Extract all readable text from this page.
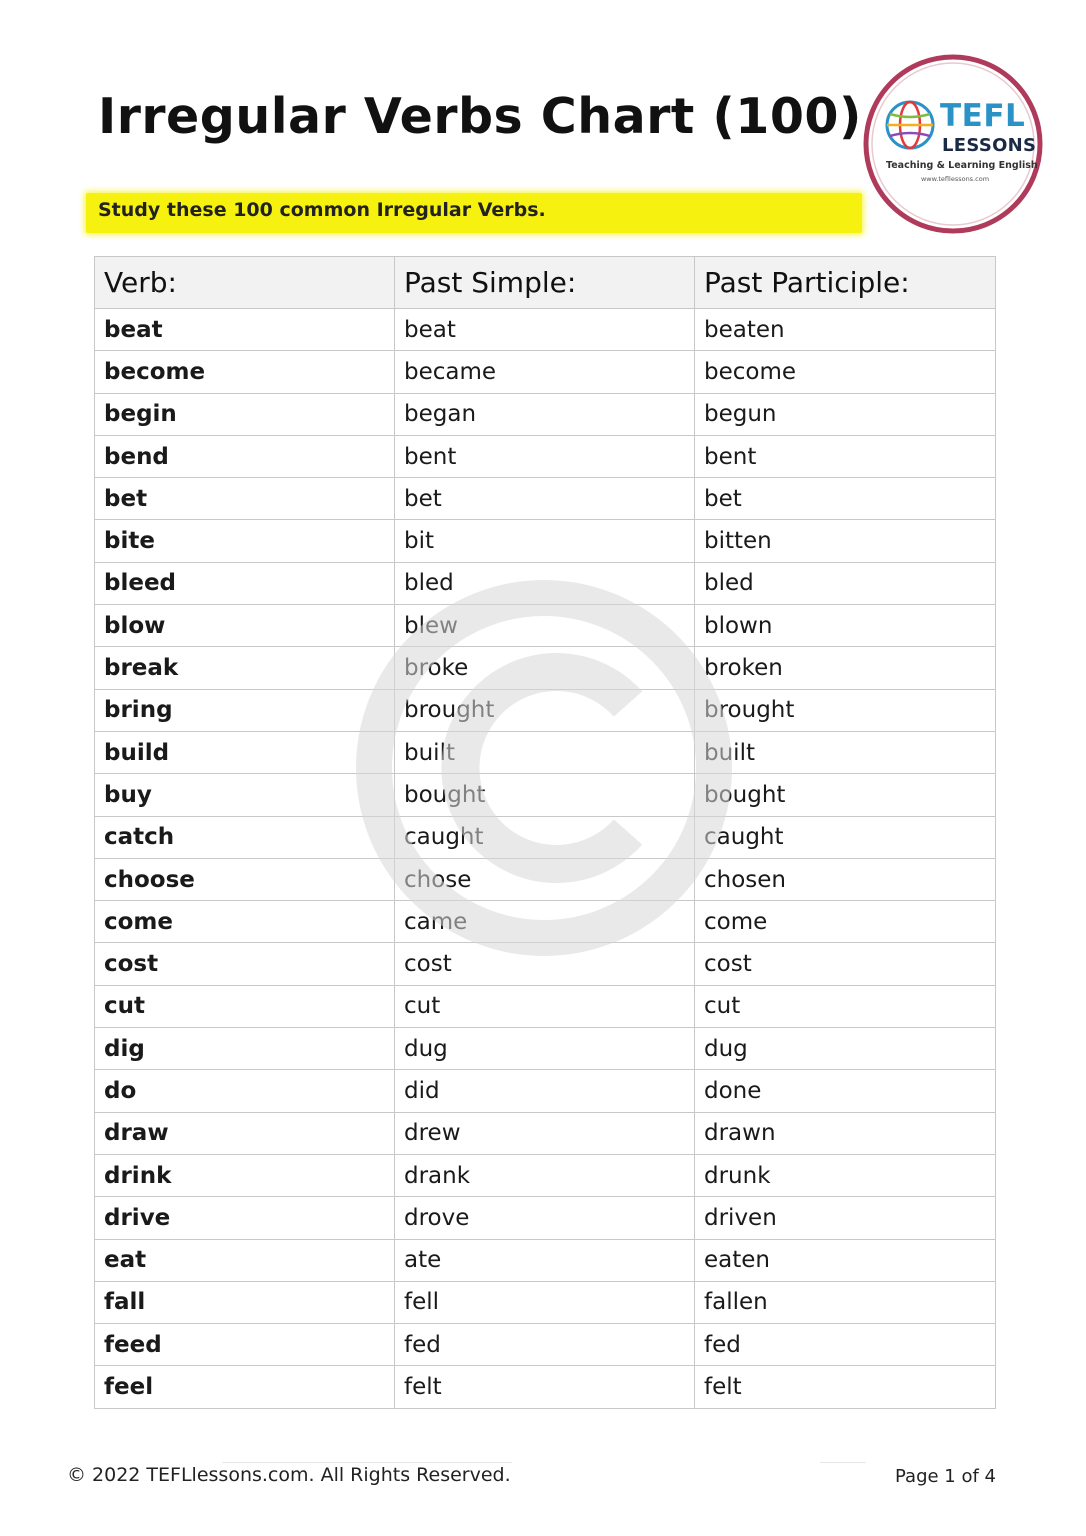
Irregular Verbs Chart (100)
Study these 100 common Irregular Verbs.
TEFL
LESSONS
Teaching & Learning English
www.tefllessons.com
Verb:	Past Simple:	Past Participle:
beat	beat	beaten
become	became	become
begin	began	begun
bend	bent	bent
bet	bet	bet
bite	bit	bitten
bleed	bled	bled
blow	blew	blown
break	broke	broken
bring	brought	brought
build	built	built
buy	bought	bought
catch	caught	caught
choose	chose	chosen
come	came	come
cost	cost	cost
cut	cut	cut
dig	dug	dug
do	did	done
draw	drew	drawn
drink	drank	drunk
drive	drove	driven
eat	ate	eaten
fall	fell	fallen
feed	fed	fed
feel	felt	felt
© 2022 TEFLlessons.com. All Rights Reserved.	Page 1 of 4
